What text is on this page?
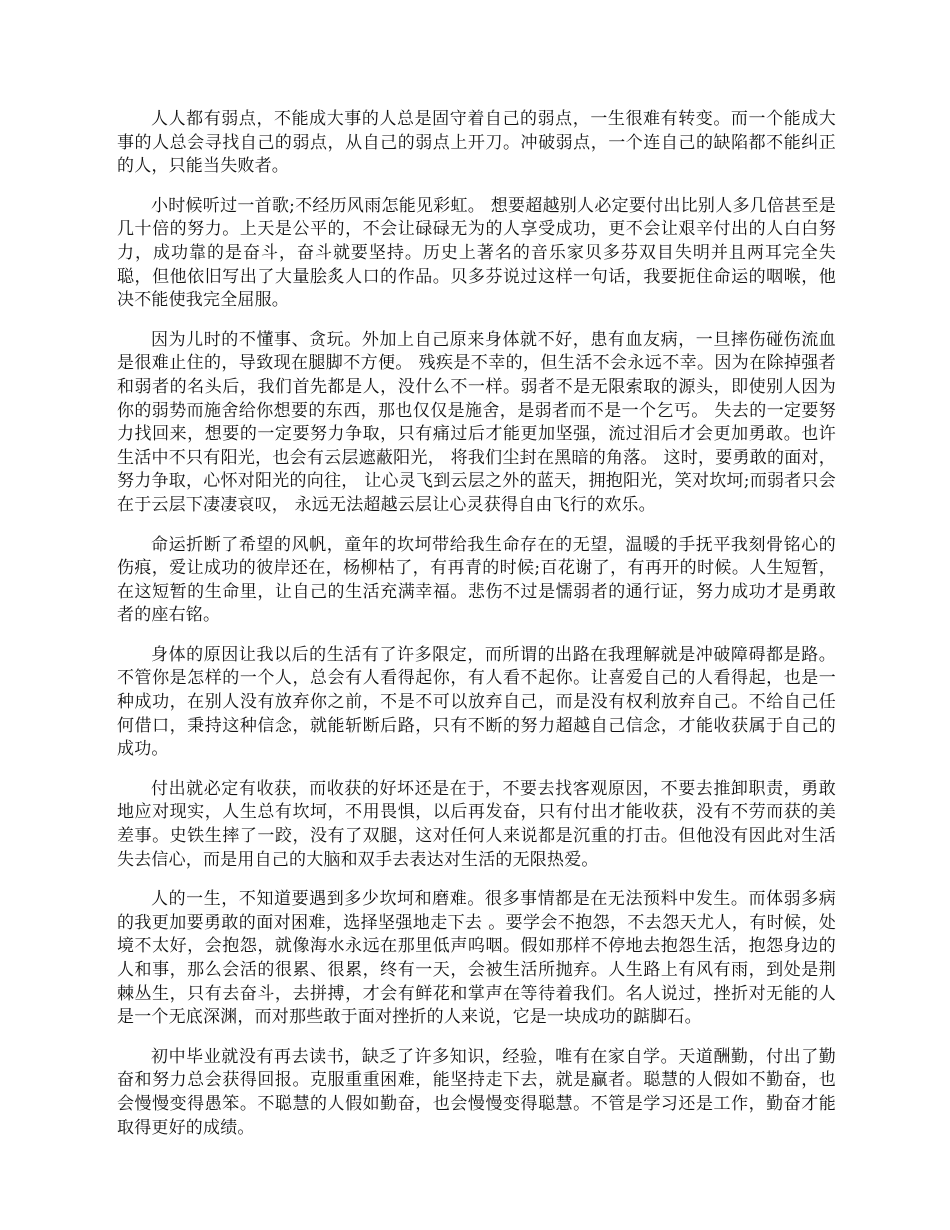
人人都有弱点，不能成大事的人总是固守着自己的弱点，一生很难有转变。而一个能成大事的人总会寻找自己的弱点，从自己的弱点上开刀。冲破弱点，一个连自己的缺陷都不能纠正的人，只能当失败者。

小时候听过一首歌;不经历风雨怎能见彩虹。 想要超越别人必定要付出比别人多几倍甚至是几十倍的努力。上天是公平的，不会让碌碌无为的人享受成功，更不会让艰辛付出的人白白努力，成功靠的是奋斗，奋斗就要坚持。历史上著名的音乐家贝多芬双目失明并且两耳完全失聪，但他依旧写出了大量脍炙人口的作品。贝多芬说过这样一句话，我要扼住命运的咽喉，他决不能使我完全屈服。

因为儿时的不懂事、贪玩。外加上自己原来身体就不好，患有血友病，一旦摔伤碰伤流血是很难止住的，导致现在腿脚不方便。 残疾是不幸的，但生活不会永远不幸。因为在除掉强者和弱者的名头后，我们首先都是人，没什么不一样。弱者不是无限索取的源头，即使别人因为你的弱势而施舍给你想要的东西，那也仅仅是施舍，是弱者而不是一个乞丐。 失去的一定要努力找回来，想要的一定要努力争取，只有痛过后才能更加坚强，流过泪后才会更加勇敢。也许生活中不只有阳光，也会有云层遮蔽阳光， 将我们尘封在黑暗的角落。 这时，要勇敢的面对， 努力争取，心怀对阳光的向往， 让心灵飞到云层之外的蓝天，拥抱阳光，笑对坎坷;而弱者只会在于云层下凄凄哀叹， 永远无法超越云层让心灵获得自由飞行的欢乐。

命运折断了希望的风帆，童年的坎坷带给我生命存在的无望，温暖的手抚平我刻骨铭心的伤痕，爱让成功的彼岸还在，杨柳枯了，有再青的时候;百花谢了，有再开的时候。人生短暂，在这短暂的生命里，让自己的生活充满幸福。悲伤不过是懦弱者的通行证，努力成功才是勇敢者的座右铭。

身体的原因让我以后的生活有了许多限定，而所谓的出路在我理解就是冲破障碍都是路。不管你是怎样的一个人，总会有人看得起你，有人看不起你。让喜爱自己的人看得起，也是一种成功，在别人没有放弃你之前，不是不可以放弃自己，而是没有权利放弃自己。不给自己任何借口，秉持这种信念，就能斩断后路，只有不断的努力超越自己信念，才能收获属于自己的成功。

付出就必定有收获，而收获的好坏还是在于，不要去找客观原因，不要去推卸职责，勇敢地应对现实，人生总有坎坷，不用畏惧，以后再发奋，只有付出才能收获，没有不劳而获的美差事。史铁生摔了一跤，没有了双腿，这对任何人来说都是沉重的打击。但他没有因此对生活失去信心，而是用自己的大脑和双手去表达对生活的无限热爱。

人的一生，不知道要遇到多少坎坷和磨难。很多事情都是在无法预料中发生。而体弱多病的我更加要勇敢的面对困难，选择坚强地走下去 。要学会不抱怨，不去怨天尤人，有时候，处境不太好，会抱怨，就像海水永远在那里低声呜咽。假如那样不停地去抱怨生活，抱怨身边的人和事，那么会活的很累、很累，终有一天，会被生活所抛弃。人生路上有风有雨，到处是荆棘丛生，只有去奋斗，去拼搏，才会有鲜花和掌声在等待着我们。名人说过，挫折对无能的人是一个无底深渊，而对那些敢于面对挫折的人来说，它是一块成功的踮脚石。

初中毕业就没有再去读书，缺乏了许多知识，经验，唯有在家自学。天道酬勤，付出了勤奋和努力总会获得回报。克服重重困难，能坚持走下去，就是赢者。聪慧的人假如不勤奋，也会慢慢变得愚笨。不聪慧的人假如勤奋，也会慢慢变得聪慧。不管是学习还是工作，勤奋才能取得更好的成绩。
